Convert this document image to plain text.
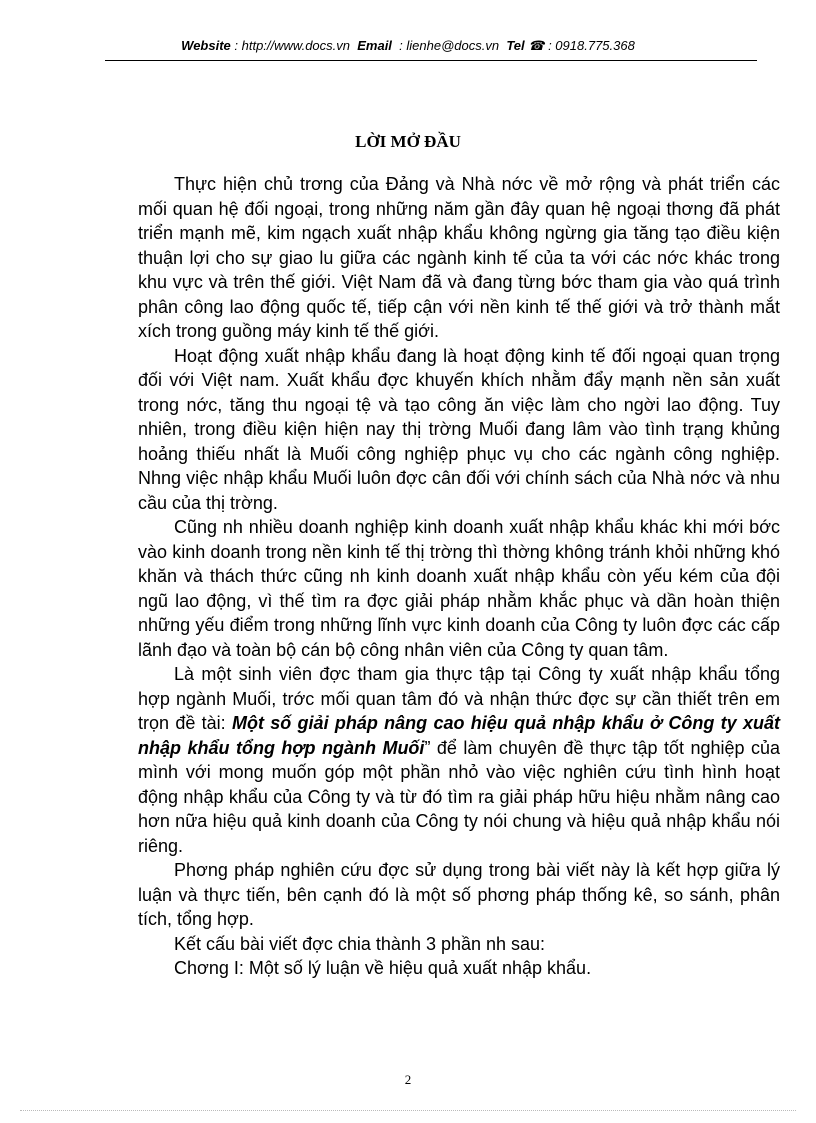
Website : http://www.docs.vn Email : lienhe@docs.vn Tel ☎ : 0918.775.368
LỜI MỞ ĐẦU

Thực hiện chủ trơng của Đảng và Nhà nớc về mở rộng và phát triển các mối quan hệ đối ngoại, trong những năm gần đây quan hệ ngoại thơng đã phát triển mạnh mẽ, kim ngạch xuất nhập khẩu không ngừng gia tăng tạo điều kiện thuận lợi cho sự giao lu giữa các ngành kinh tế của ta với các nớc khác trong khu vực và trên thế giới. Việt Nam đã và đang từng bớc tham gia vào quá trình phân công lao động quốc tế, tiếp cận với nền kinh tế thế giới và trở thành mắt xích trong guồng máy kinh tế thế giới.

Hoạt động xuất nhập khẩu đang là hoạt động kinh tế đối ngoại quan trọng đối với Việt nam. Xuất khẩu đợc khuyến khích nhằm đẩy mạnh nền sản xuất trong nớc, tăng thu ngoại tệ và tạo công ăn việc làm cho ngời lao động. Tuy nhiên, trong điều kiện hiện nay thị trờng Muối đang lâm vào tình trạng khủng hoảng thiếu nhất là Muối công nghiệp phục vụ cho các ngành công nghiệp. Nhng việc nhập khẩu Muối luôn đợc cân đối với chính sách của Nhà nớc và nhu cầu của thị trờng.

Cũng nh nhiều doanh nghiệp kinh doanh xuất nhập khẩu khác khi mới bớc vào kinh doanh trong nền kinh tế thị trờng thì thờng không tránh khỏi những khó khăn và thách thức cũng nh kinh doanh xuất nhập khẩu còn yếu kém của đội ngũ lao động, vì thế tìm ra đợc giải pháp nhằm khắc phục và dần hoàn thiện những yếu điểm trong những lĩnh vực kinh doanh của Công ty luôn đợc các cấp lãnh đạo và toàn bộ cán bộ công nhân viên của Công ty quan tâm.

Là một sinh viên đợc tham gia thực tập tại Công ty xuất nhập khẩu tổng hợp ngành Muối, trớc mối quan tâm đó và nhận thức đợc sự cần thiết trên em trọn đề tài: Một số giải pháp nâng cao hiệu quả nhập khẩu ở Công ty xuất nhập khẩu tổng hợp ngành Muối” để làm chuyên đề thực tập tốt nghiệp của mình với mong muốn góp một phần nhỏ vào việc nghiên cứu tình hình hoạt động nhập khẩu của Công ty và từ đó tìm ra giải pháp hữu hiệu nhằm nâng cao hơn nữa hiệu quả kinh doanh của Công ty nói chung và hiệu quả nhập khẩu nói riêng.

Phơng pháp nghiên cứu đợc sử dụng trong bài viết này là kết hợp giữa lý luận và thực tiến, bên cạnh đó là một số phơng pháp thống kê, so sánh, phân tích, tổng hợp.

Kết cấu bài viết đợc chia thành 3 phần nh sau:

Chơng I: Một số lý luận về hiệu quả xuất nhập khẩu.

2
